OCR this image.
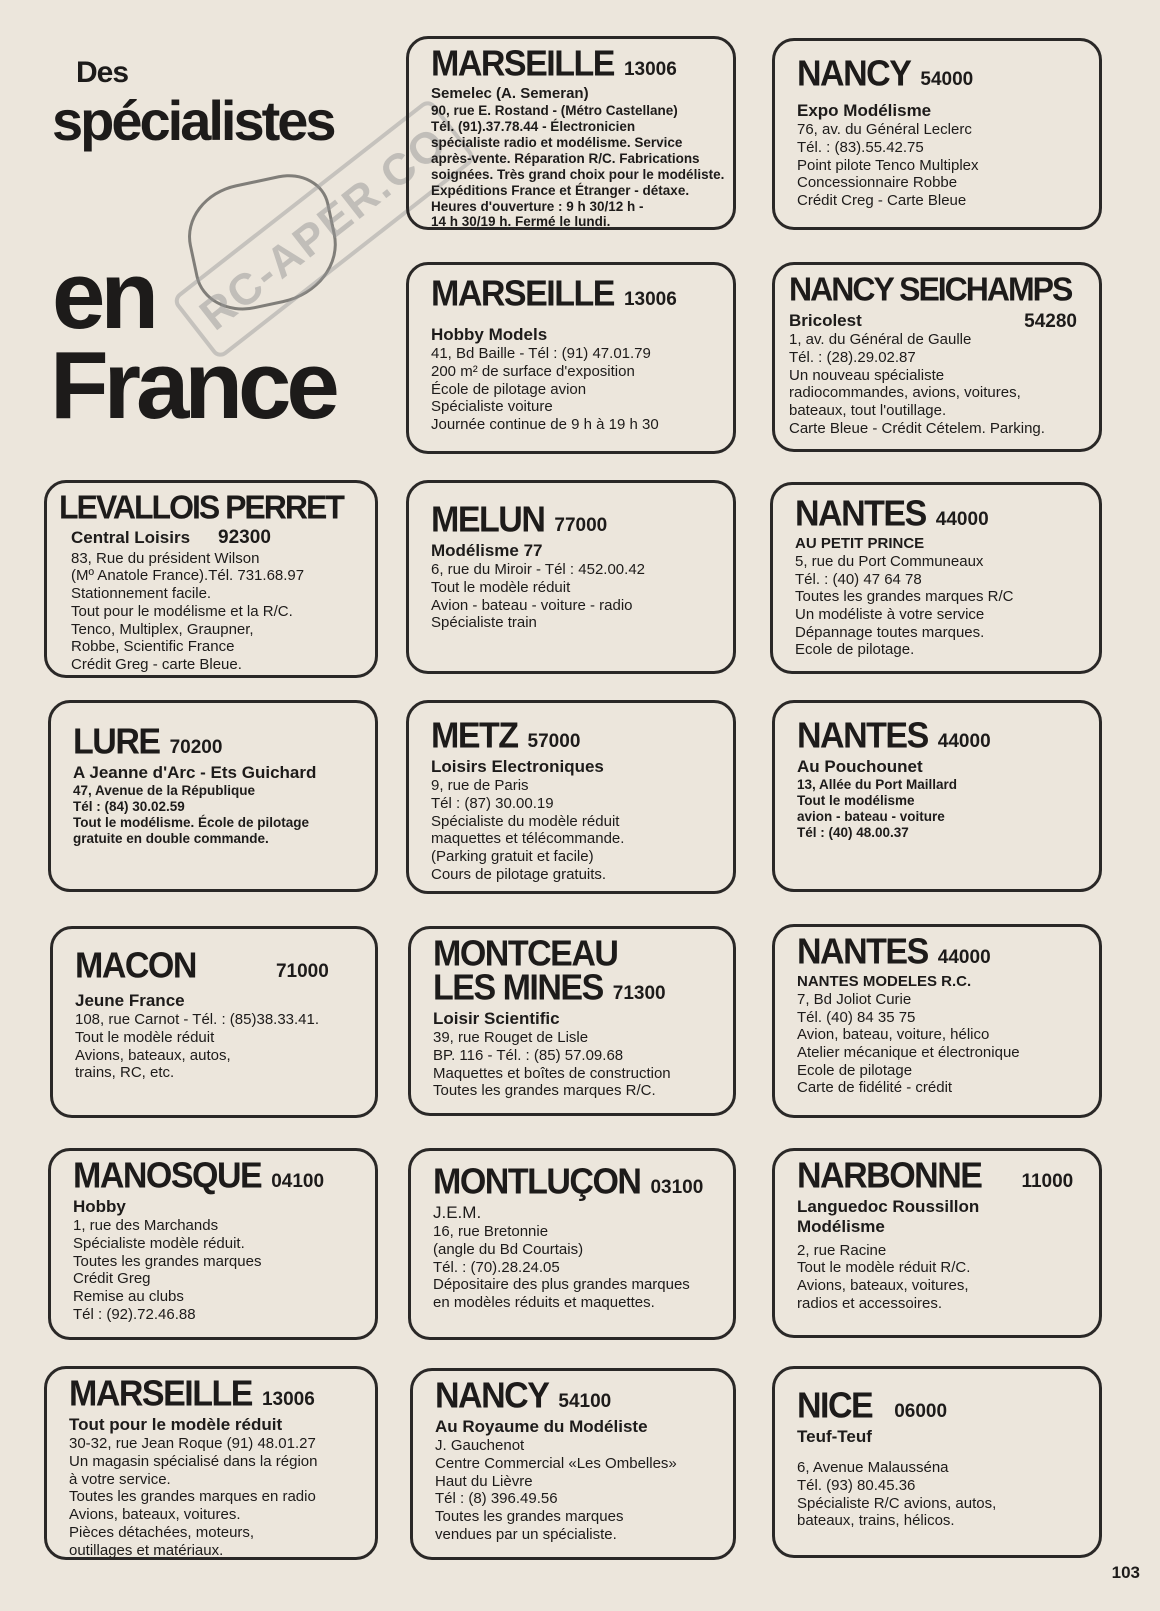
Des
spécialistes
en
France
RC-APER.CO
MARSEILLE 13006
Semelec (A. Semeran)
90, rue E. Rostand - (Métro Castellane)
Tél. (91).37.78.44 - Électronicien
spécialiste radio et modélisme. Service
après-vente. Réparation R/C. Fabrications
soignées. Très grand choix pour le modéliste.
Expéditions France et Étranger - détaxe.
Heures d'ouverture : 9 h 30/12 h -
14 h 30/19 h. Fermé le lundi.
NANCY 54000
Expo Modélisme
76, av. du Général Leclerc
Tél. : (83).55.42.75
Point pilote Tenco Multiplex
Concessionnaire Robbe
Crédit Creg - Carte Bleue
MARSEILLE 13006
Hobby Models
41, Bd Baille - Tél : (91) 47.01.79
200 m² de surface d'exposition
École de pilotage avion
Spécialiste voiture
Journée continue de 9 h à 19 h 30
NANCY SEICHAMPS
Bricolest	54280
1, av. du Général de Gaulle
Tél. : (28).29.02.87
Un nouveau spécialiste
radiocommandes, avions, voitures,
bateaux, tout l'outillage.
Carte Bleue - Crédit Cételem. Parking.
LEVALLOIS PERRET
Central Loisirs 92300
83, Rue du président Wilson
(Mº Anatole France).Tél. 731.68.97
Stationnement facile.
Tout pour le modélisme et la R/C.
Tenco, Multiplex, Graupner,
Robbe, Scientific France
Crédit Greg - carte Bleue.
MELUN 77000
Modélisme 77
6, rue du Miroir - Tél : 452.00.42
Tout le modèle réduit
Avion - bateau - voiture - radio
Spécialiste train
NANTES 44000
AU PETIT PRINCE
5, rue du Port Communeaux
Tél. : (40) 47 64 78
Toutes les grandes marques R/C
Un modéliste à votre service
Dépannage toutes marques.
Ecole de pilotage.
LURE 70200
A Jeanne d'Arc - Ets Guichard
47, Avenue de la République
Tél : (84) 30.02.59
Tout le modélisme. École de pilotage
gratuite en double commande.
METZ 57000
Loisirs Electroniques
9, rue de Paris
Tél : (87) 30.00.19
Spécialiste du modèle réduit
maquettes et télécommande.
(Parking gratuit et facile)
Cours de pilotage gratuits.
NANTES 44000
Au Pouchounet
13, Allée du Port Maillard
Tout le modélisme
avion - bateau - voiture
Tél : (40) 48.00.37
MACON	71000
Jeune France
108, rue Carnot - Tél. : (85)38.33.41.
Tout le modèle réduit
Avions, bateaux, autos,
trains, RC, etc.
MONTCEAU
LES MINES 71300
Loisir Scientific
39, rue Rouget de Lisle
BP. 116 - Tél. : (85) 57.09.68
Maquettes et boîtes de construction
Toutes les grandes marques R/C.
NANTES 44000
NANTES MODELES R.C.
7, Bd Joliot Curie
Tél. (40) 84 35 75
Avion, bateau, voiture, hélico
Atelier mécanique et électronique
Ecole de pilotage
Carte de fidélité - crédit
MANOSQUE 04100
Hobby
1, rue des Marchands
Spécialiste modèle réduit.
Toutes les grandes marques
Crédit Greg
Remise au clubs
Tél : (92).72.46.88
MONTLUÇON 03100
J.E.M.
16, rue Bretonnie
(angle du Bd Courtais)
Tél. : (70).28.24.05
Dépositaire des plus grandes marques
en modèles réduits et maquettes.
NARBONNE 11000
Languedoc Roussillon
Modélisme
2, rue Racine
Tout le modèle réduit R/C.
Avions, bateaux, voitures,
radios et accessoires.
MARSEILLE 13006
Tout pour le modèle réduit
30-32, rue Jean Roque (91) 48.01.27
Un magasin spécialisé dans la région
à votre service.
Toutes les grandes marques en radio
Avions, bateaux, voitures.
Pièces détachées, moteurs,
outillages et matériaux.
NANCY 54100
Au Royaume du Modéliste
J. Gauchenot
Centre Commercial «Les Ombelles»
Haut du Lièvre
Tél : (8) 396.49.56
Toutes les grandes marques
vendues par un spécialiste.
NICE 06000
Teuf-Teuf
6, Avenue Malausséna
Tél. (93) 80.45.36
Spécialiste R/C avions, autos,
bateaux, trains, hélicos.
103
